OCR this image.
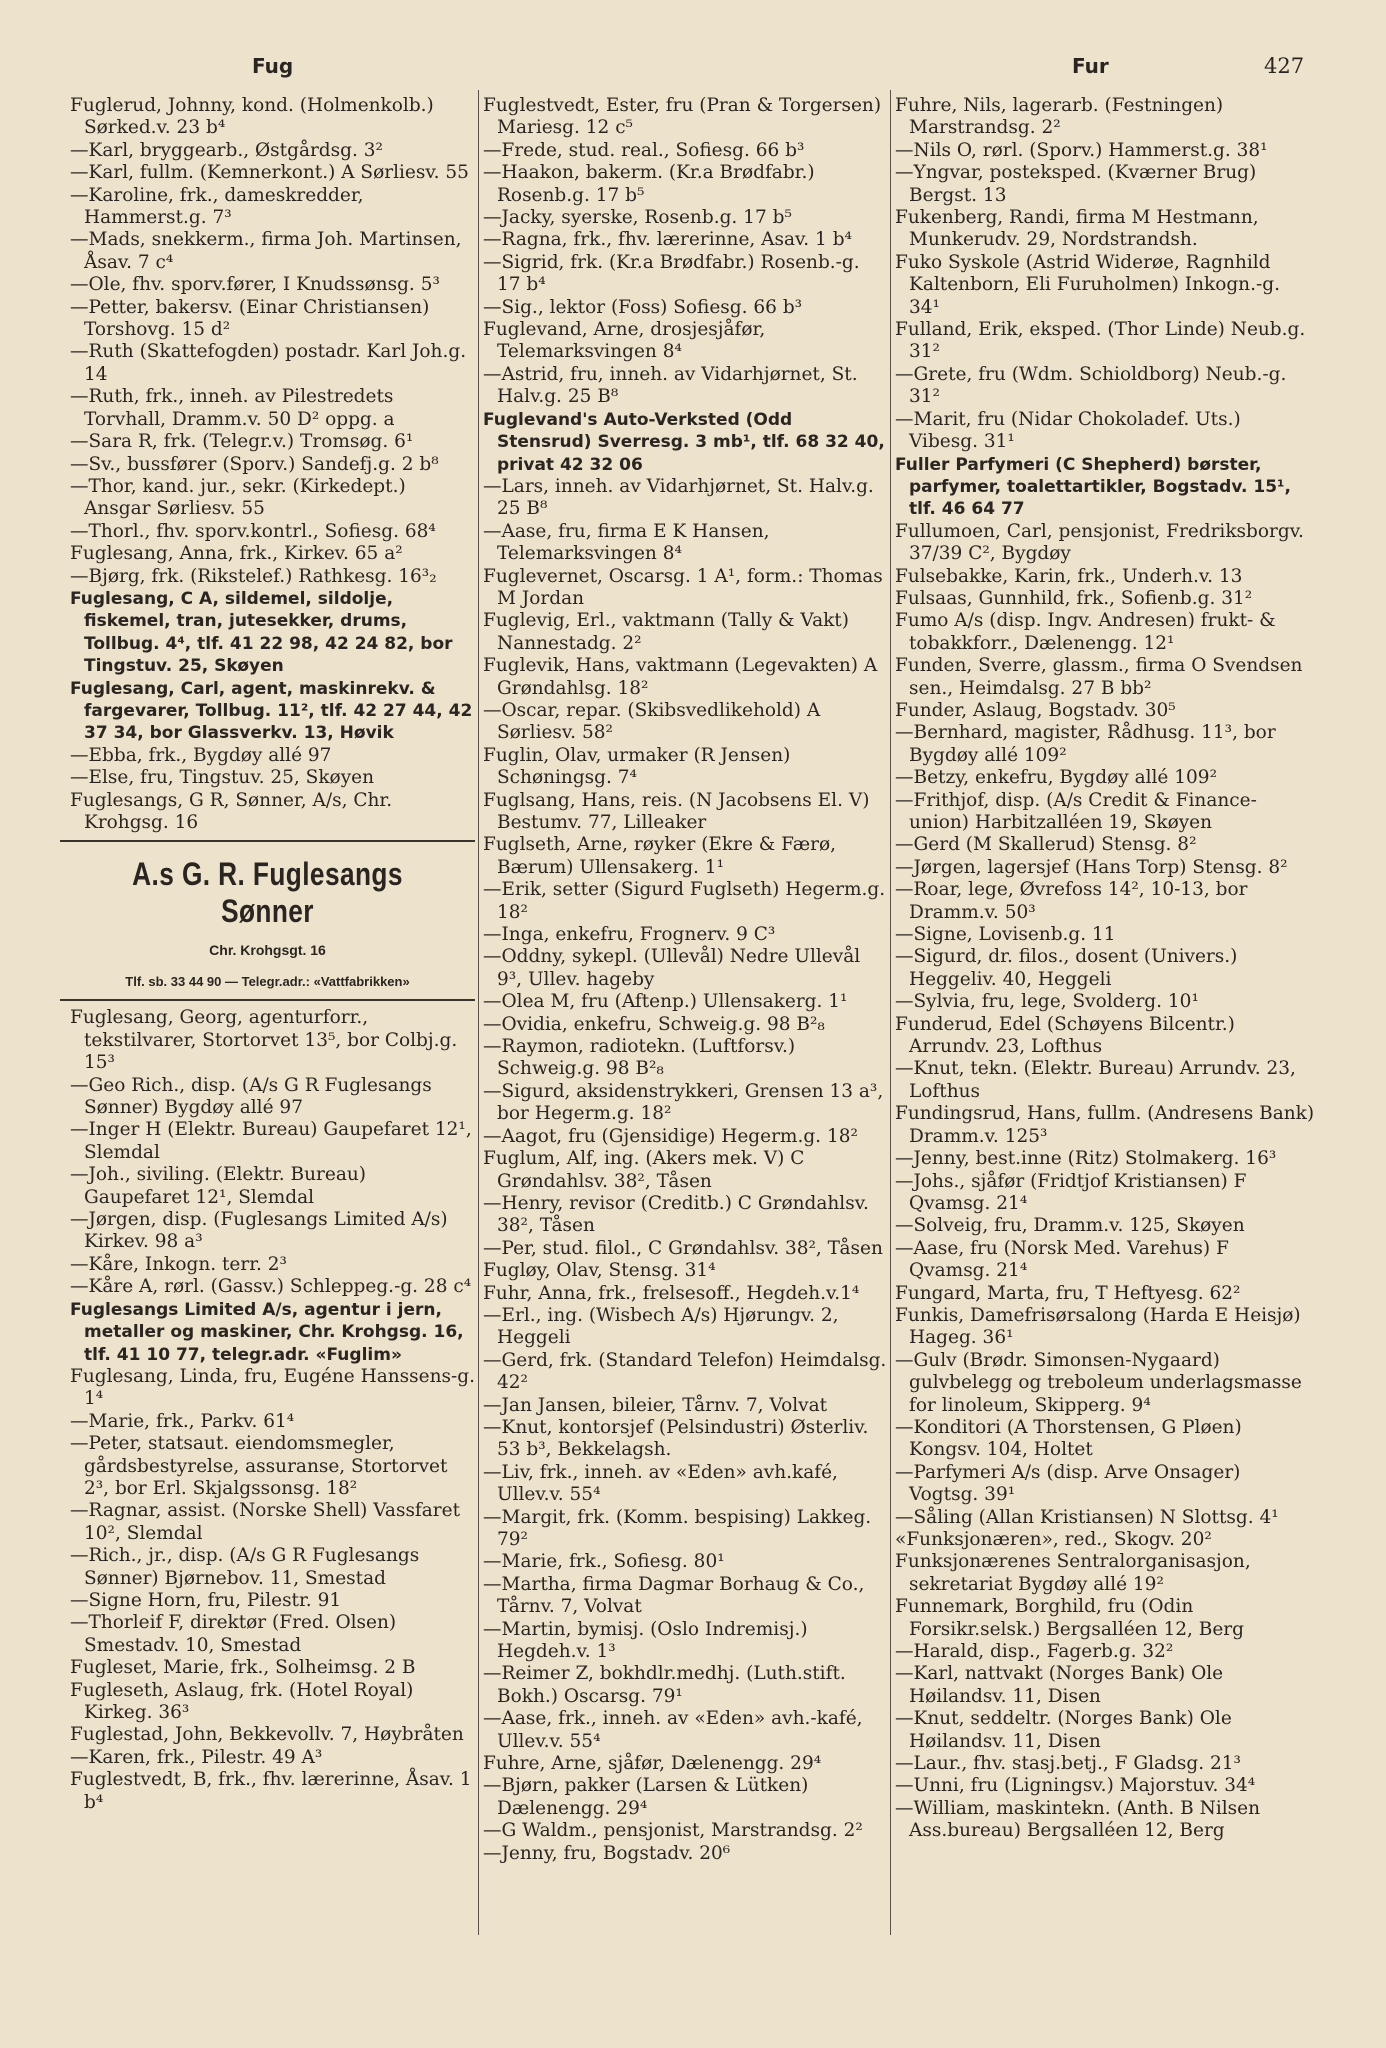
Fug	Fur	427
Fuglerud, Johnny, kond. (Holmenkolb.) Sørked.v. 23 b⁴
—Karl, bryggearb., Østgårdsg. 3²
—Karl, fullm. (Kemnerkont.) A Sørliesv. 55
—Karoline, frk., dameskredder, Hammerst.g. 7³
—Mads, snekkerm., firma Joh. Martinsen, Åsav. 7 c⁴
—Ole, fhv. sporv.fører, I Knudssønsg. 5³
—Petter, bakersv. (Einar Christiansen) Torshovg. 15 d²
—Ruth (Skattefogden) postadr. Karl Joh.g. 14
—Ruth, frk., inneh. av Pilestredets Torvhall, Dramm.v. 50 D² oppg. a
—Sara R, frk. (Telegr.v.) Tromsøg. 6¹
—Sv., bussfører (Sporv.) Sandefj.g. 2 b⁸
—Thor, kand. jur., sekr. (Kirkedept.) Ansgar Sørliesv. 55
—Thorl., fhv. sporv.kontrl., Sofiesg. 68⁴
Fuglesang, Anna, frk., Kirkev. 65 a²
—Bjørg, frk. (Rikstelef.) Rathkesg. 16³₂
Fuglesang, C A, sildemel, sildolje, fiskemel, tran, jutesekker, drums, Tollbug. 4⁴, tlf. 41 22 98, 42 24 82, bor Tingstuv. 25, Skøyen
Fuglesang, Carl, agent, maskinrekv. & fargevarer, Tollbug. 11², tlf. 42 27 44, 42 37 34, bor Glassverkv. 13, Høvik
—Ebba, frk., Bygdøy allé 97
—Else, fru, Tingstuv. 25, Skøyen
Fuglesangs, G R, Sønner, A/s, Chr. Krohgsg. 16
A.s G. R. Fuglesangs Sønner
Chr. Krohgsgt. 16
Tlf. sb. 33 44 90 — Telegr.adr.: «Vattfabrikken»
Fuglesang, Georg, agenturforr., tekstilvarer, Stortorvet 13⁵, bor Colbj.g. 15³
—Geo Rich., disp. (A/s G R Fuglesangs Sønner) Bygdøy allé 97
—Inger H (Elektr. Bureau) Gaupefaret 12¹, Slemdal
—Joh., siviling. (Elektr. Bureau) Gaupefaret 12¹, Slemdal
—Jørgen, disp. (Fuglesangs Limited A/s) Kirkev. 98 a³
—Kåre, Inkogn. terr. 2³
—Kåre A, rørl. (Gassv.) Schleppeg.-g. 28 c⁴
Fuglesangs Limited A/s, agentur i jern, metaller og maskiner, Chr. Krohgsg. 16, tlf. 41 10 77, telegr.adr. «Fuglim»
Fuglesang, Linda, fru, Eugéne Hanssens-g. 1⁴
—Marie, frk., Parkv. 61⁴
—Peter, statsaut. eiendomsmegler, gårdsbestyrelse, assuranse, Stortorvet 2³, bor Erl. Skjalgssonsg. 18²
—Ragnar, assist. (Norske Shell) Vassfaret 10², Slemdal
—Rich., jr., disp. (A/s G R Fuglesangs Sønner) Bjørnebov. 11, Smestad
—Signe Horn, fru, Pilestr. 91
—Thorleif F, direktør (Fred. Olsen) Smestadv. 10, Smestad
Fugleset, Marie, frk., Solheimsg. 2 B
Fugleseth, Aslaug, frk. (Hotel Royal) Kirkeg. 36³
Fuglestad, John, Bekkevollv. 7, Høybråten
—Karen, frk., Pilestr. 49 A³
Fuglestvedt, B, frk., fhv. lærerinne, Åsav. 1 b⁴
Fuglestvedt, Ester, fru (Pran & Torgersen) Mariesg. 12 c⁵
—Frede, stud. real., Sofiesg. 66 b³
—Haakon, bakerm. (Kr.a Brødfabr.) Rosenb.g. 17 b⁵
—Jacky, syerske, Rosenb.g. 17 b⁵
—Ragna, frk., fhv. lærerinne, Asav. 1 b⁴
—Sigrid, frk. (Kr.a Brødfabr.) Rosenb.-g. 17 b⁴
—Sig., lektor (Foss) Sofiesg. 66 b³
Fuglevand, Arne, drosjesjåfør, Telemarksvingen 8⁴
—Astrid, fru, inneh. av Vidarhjørnet, St. Halv.g. 25 B⁸
Fuglevand's Auto-Verksted (Odd Stensrud) Sverresg. 3 mb¹, tlf. 68 32 40, privat 42 32 06
—Lars, inneh. av Vidarhjørnet, St. Halv.g. 25 B⁸
—Aase, fru, firma E K Hansen, Telemarksvingen 8⁴
Fuglevernet, Oscarsg. 1 A¹, form.: Thomas M Jordan
Fuglevig, Erl., vaktmann (Tally & Vakt) Nannestadg. 2²
Fuglevik, Hans, vaktmann (Legevakten) A Grøndahlsg. 18²
—Oscar, repar. (Skibsvedlikehold) A Sørliesv. 58²
Fuglin, Olav, urmaker (R Jensen) Schøningsg. 7⁴
Fuglsang, Hans, reis. (N Jacobsens El. V) Bestumv. 77, Lilleaker
Fuglseth, Arne, røyker (Ekre & Færø, Bærum) Ullensakerg. 1¹
—Erik, setter (Sigurd Fuglseth) Hegerm.g. 18²
—Inga, enkefru, Frognerv. 9 C³
—Oddny, sykepl. (Ullevål) Nedre Ullevål 9³, Ullev. hageby
—Olea M, fru (Aftenp.) Ullensakerg. 1¹
—Ovidia, enkefru, Schweig.g. 98 B²₈
—Raymon, radiotekn. (Luftforsv.) Schweig.g. 98 B²₈
—Sigurd, aksidenstrykkeri, Grensen 13 a³, bor Hegerm.g. 18²
—Aagot, fru (Gjensidige) Hegerm.g. 18²
Fuglum, Alf, ing. (Akers mek. V) C Grøndahlsv. 38², Tåsen
—Henry, revisor (Creditb.) C Grøndahlsv. 38², Tåsen
—Per, stud. filol., C Grøndahlsv. 38², Tåsen
Fugløy, Olav, Stensg. 31⁴
Fuhr, Anna, frk., frelsesoff., Hegdeh.v.1⁴
—Erl., ing. (Wisbech A/s) Hjørungv. 2, Heggeli
—Gerd, frk. (Standard Telefon) Heimdalsg. 42²
—Jan Jansen, bileier, Tårnv. 7, Volvat
—Knut, kontorsjef (Pelsindustri) Østerliv. 53 b³, Bekkelagsh.
—Liv, frk., inneh. av «Eden» avh.kafé, Ullev.v. 55⁴
—Margit, frk. (Komm. bespising) Lakkeg. 79²
—Marie, frk., Sofiesg. 80¹
—Martha, firma Dagmar Borhaug & Co., Tårnv. 7, Volvat
—Martin, bymisj. (Oslo Indremisj.) Hegdeh.v. 1³
—Reimer Z, bokhdlr.medhj. (Luth.stift. Bokh.) Oscarsg. 79¹
—Aase, frk., inneh. av «Eden» avh.-kafé, Ullev.v. 55⁴
Fuhre, Arne, sjåfør, Dælenengg. 29⁴
—Bjørn, pakker (Larsen & Lütken) Dælenengg. 29⁴
—G Waldm., pensjonist, Marstrandsg. 2²
—Jenny, fru, Bogstadv. 20⁶
Fuhre, Nils, lagerarb. (Festningen) Marstrandsg. 2²
—Nils O, rørl. (Sporv.) Hammerst.g. 38¹
—Yngvar, posteksped. (Kværner Brug) Bergst. 13
Fukenberg, Randi, firma M Hestmann, Munkerudv. 29, Nordstrandsh.
Fuko Syskole (Astrid Widerøe, Ragnhild Kaltenborn, Eli Furuholmen) Inkogn.-g. 34¹
Fulland, Erik, eksped. (Thor Linde) Neub.g. 31²
—Grete, fru (Wdm. Schioldborg) Neub.-g. 31²
—Marit, fru (Nidar Chokoladef. Uts.) Vibesg. 31¹
Fuller Parfymeri (C Shepherd) børster, parfymer, toalettartikler, Bogstadv. 15¹, tlf. 46 64 77
Fullumoen, Carl, pensjonist, Fredriksborgv. 37/39 C², Bygdøy
Fulsebakke, Karin, frk., Underh.v. 13
Fulsaas, Gunnhild, frk., Sofienb.g. 31²
Fumo A/s (disp. Ingv. Andresen) frukt- & tobakkforr., Dælenengg. 12¹
Funden, Sverre, glassm., firma O Svendsen sen., Heimdalsg. 27 B bb²
Funder, Aslaug, Bogstadv. 30⁵
—Bernhard, magister, Rådhusg. 11³, bor Bygdøy allé 109²
—Betzy, enkefru, Bygdøy allé 109²
—Frithjof, disp. (A/s Credit & Finance-union) Harbitzalléen 19, Skøyen
—Gerd (M Skallerud) Stensg. 8²
—Jørgen, lagersjef (Hans Torp) Stensg. 8²
—Roar, lege, Øvrefoss 14², 10-13, bor Dramm.v. 50³
—Signe, Lovisenb.g. 11
—Sigurd, dr. filos., dosent (Univers.) Heggeliv. 40, Heggeli
—Sylvia, fru, lege, Svolderg. 10¹
Funderud, Edel (Schøyens Bilcentr.) Arrundv. 23, Lofthus
—Knut, tekn. (Elektr. Bureau) Arrundv. 23, Lofthus
Fundingsrud, Hans, fullm. (Andresens Bank) Dramm.v. 125³
—Jenny, best.inne (Ritz) Stolmakerg. 16³
—Johs., sjåfør (Fridtjof Kristiansen) F Qvamsg. 21⁴
—Solveig, fru, Dramm.v. 125, Skøyen
—Aase, fru (Norsk Med. Varehus) F Qvamsg. 21⁴
Fungard, Marta, fru, T Heftyesg. 62²
Funkis, Damefrisørsalong (Harda E Heisjø) Hageg. 36¹
—Gulv (Brødr. Simonsen-Nygaard) gulvbelegg og treboleum underlagsmasse for linoleum, Skipperg. 9⁴
—Konditori (A Thorstensen, G Pløen) Kongsv. 104, Holtet
—Parfymeri A/s (disp. Arve Onsager) Vogtsg. 39¹
—Såling (Allan Kristiansen) N Slottsg. 4¹
«Funksjonæren», red., Skogv. 20²
Funksjonærenes Sentralorganisasjon, sekretariat Bygdøy allé 19²
Funnemark, Borghild, fru (Odin Forsikr.selsk.) Bergsalléen 12, Berg
—Harald, disp., Fagerb.g. 32²
—Karl, nattvakt (Norges Bank) Ole Høilandsv. 11, Disen
—Knut, seddeltr. (Norges Bank) Ole Høilandsv. 11, Disen
—Laur., fhv. stasj.betj., F Gladsg. 21³
—Unni, fru (Ligningsv.) Majorstuv. 34⁴
—William, maskintekn. (Anth. B Nilsen Ass.bureau) Bergsalléen 12, Berg
